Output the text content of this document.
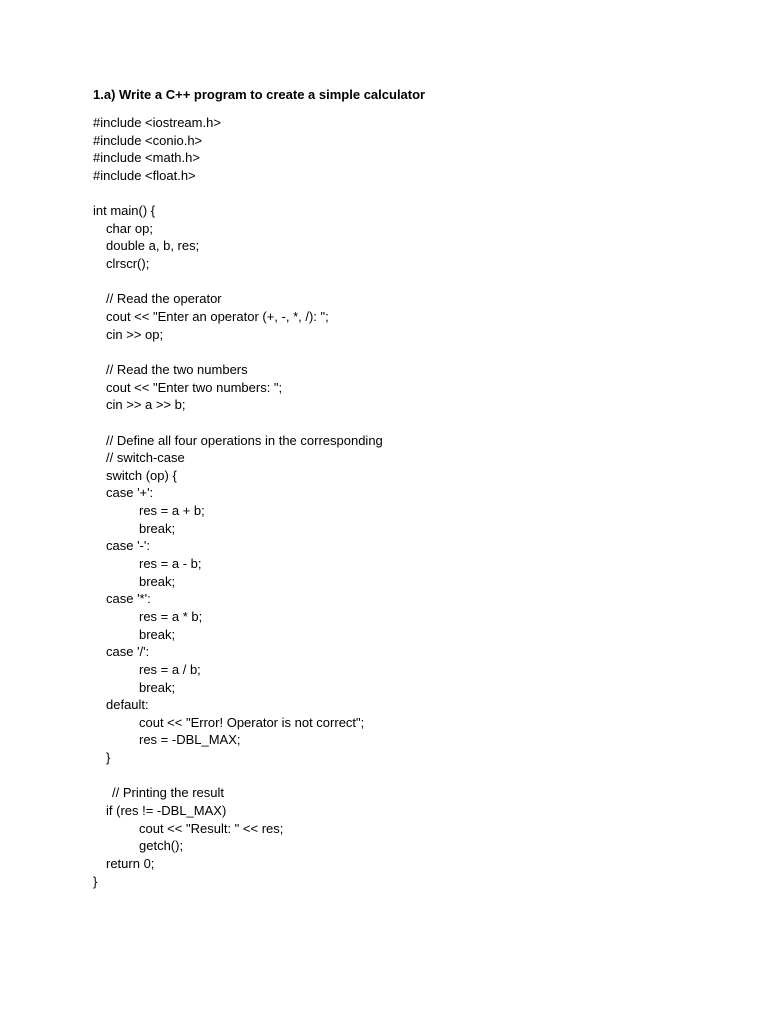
1.a) Write a C++ program to create a simple calculator
#include <iostream.h>
#include <conio.h>
#include <math.h>
#include <float.h>
int main() {
char op;
double a, b, res;
clrscr();
// Read the operator
cout << "Enter an operator (+, -, *, /): ";
cin >> op;
// Read the two numbers
cout << "Enter two numbers: ";
cin >> a >> b;
// Define all four operations in the corresponding
// switch-case
switch (op) {
case '+':
res = a + b;
break;
case '-':
res = a - b;
break;
case '*':
res = a * b;
break;
case '/':
res = a / b;
break;
default:
cout << "Error! Operator is not correct";
res = -DBL_MAX;
}
// Printing the result
if (res != -DBL_MAX)
cout << "Result: " << res;
getch();
return 0;
}
